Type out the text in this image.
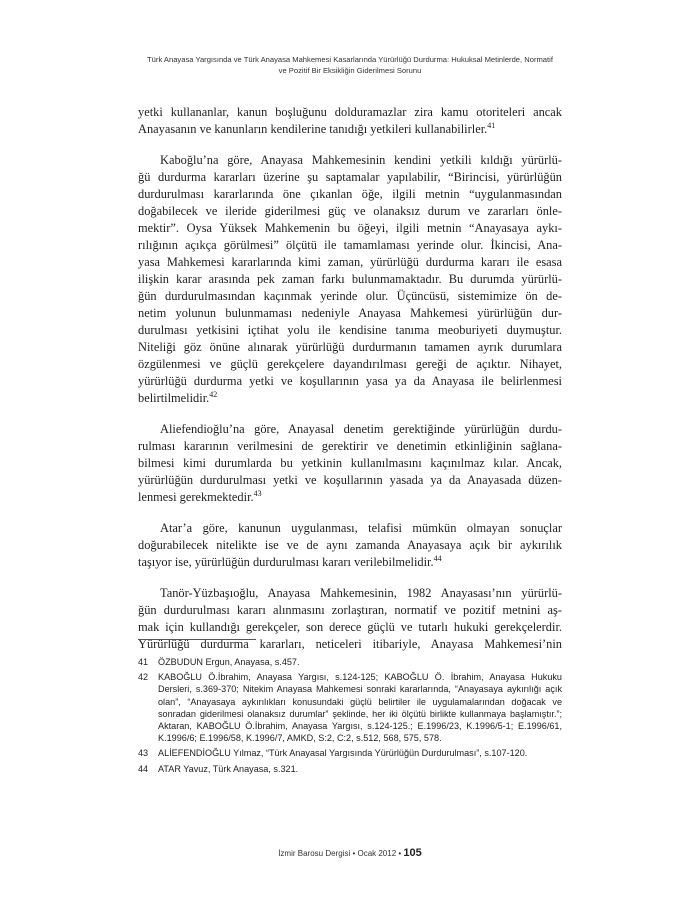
Türk Anayasa Yargısında ve Türk Anayasa Mahkemesi Kasarlarında Yürürlüğü Durdurma: Hukuksal Metinlerde, Normatif
ve Pozitif Bir Eksikliğin Giderilmesi Sorunu

yetki kullananlar, kanun boşluğunu dolduramazlar zira kamu otoriteleri ancak
Anayasanın ve kanunların kendilerine tanıdığı yetkileri kullanabilirler.$^{41}$

Kaboğlu’na göre, Anayasa Mahkemesinin kendini yetkili kıldığı yürürlü-
ğü durdurma kararları üzerine şu saptamalar yapılabilir, “Birincisi, yürürlüğün
durdurulması kararlarında öne çıkanlan öğe, ilgili metnin “uygulanmasından
doğabilecek ve ileride giderilmesi güç ve olanaksız durum ve zararları önle-
mektir”. Oysa Yüksek Mahkemenin bu öğeyi, ilgili metnin “Anayasaya aykı-
rılığının açıkça görülmesi” ölçütü ile tamamlaması yerinde olur. İkincisi, Ana-
yasa Mahkemesi kararlarında kimi zaman, yürürlüğü durdurma kararı ile esasa
ilişkin karar arasında pek zaman farkı bulunmamaktadır. Bu durumda yürürlü-
ğün durdurulmasından kaçınmak yerinde olur. Üçüncüsü, sistemimize ön de-
netim yolunun bulunmaması nedeniyle Anayasa Mahkemesi yürürlüğün dur-
durulması yetkisini içtihat yolu ile kendisine tanıma meoburiyeti duymuştur.
Niteliği göz önüne alınarak yürürlüğü durdurmanın tamamen ayrık durumlara
özgülenmesi ve güçlü gerekçelere dayandırılması gereği de açıktır. Nihayet,
yürürlüğü durdurma yetki ve koşullarının yasa ya da Anayasa ile belirlenmesi
belirtilmelidir.$^{42}$

Aliefendioğlu’na göre, Anayasal denetim gerektiğinde yürürlüğün durdu-
rulması kararının verilmesini de gerektirir ve denetimin etkinliğinin sağlana-
bilmesi kimi durumlarda bu yetkinin kullanılmasını kaçınılmaz kılar. Ancak,
yürürlüğün durdurulması yetki ve koşullarının yasada ya da Anayasada düzen-
lenmesi gerekmektedir.$^{43}$

Atar’a göre, kanunun uygulanması, telafisi mümkün olmayan sonuçlar
doğurabilecek nitelikte ise ve de aynı zamanda Anayasaya açık bir aykırılık
taşıyor ise, yürürlüğün durdurulması kararı verilebilmelidir.$^{44}$

Tanör-Yüzbaşıoğlu, Anayasa Mahkemesinin, 1982 Anayasası’nın yürürlü-
ğün durdurulması kararı alınmasını zorlaştıran, normatif ve pozitif metnini aş-
mak için kullandığı gerekçeler, son derece güçlü ve tutarlı hukuki gerekçelerdir.
Yürürlüğü durdurma kararları, neticeleri itibariyle, Anayasa Mahkemesi’nin

41	ÖZBUDUN Ergun, Anayasa, s.457.
42	KABOĞLU Ö.İbrahim, Anayasa Yargısı, s.124-125; KABOĞLU Ö. İbrahim, Anayasa Hukuku Dersleri, s.369-370; Nitekim Anayasa Mahkemesi sonraki kararlarında, “Anayasaya aykırılığı açık olan”, “Anayasaya aykırılıkları konusundaki güçlü belirtiler ile uygulamalarından doğacak ve sonradan giderilmesi olanaksız durumlar” şeklinde, her iki ölçütü birlikte kullanmaya başlamıştır.”; Aktaran, KABOĞLU Ö.İbrahim, Anayasa Yargısı, s.124-125.; E.1996/23, K.1996/5-1; E.1996/61, K.1996/6; E.1996/58, K.1996/7, AMKD, S:2, C:2, s.512, 568, 575, 578.
43	ALİEFENDİOĞLU Yılmaz, “Türk Anayasal Yargısında Yürürlüğün Durdurulması”, s.107-120.
44	ATAR Yavuz, Türk Anayasa, s.321.
İzmir Barosu Dergisi • Ocak 2012 • 105
